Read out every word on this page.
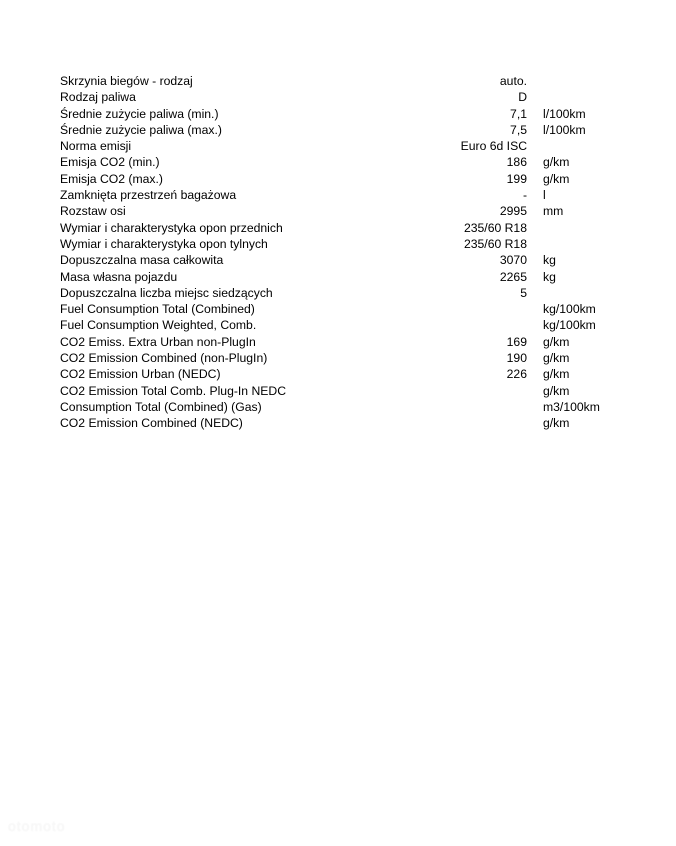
Skrzynia biegów - rodzaj	auto.
Rodzaj paliwa	D
Średnie zużycie paliwa (min.)	7,1 l/100km
Średnie zużycie paliwa (max.)	7,5 l/100km
Norma emisji	Euro 6d ISC
Emisja CO2 (min.)	186 g/km
Emisja CO2 (max.)	199 g/km
Zamknięta przestrzeń bagażowa	- l
Rozstaw osi	2995 mm
Wymiar i charakterystyka opon przednich	235/60 R18
Wymiar i charakterystyka opon tylnych	235/60 R18
Dopuszczalna masa całkowita	3070 kg
Masa własna pojazdu	2265 kg
Dopuszczalna liczba miejsc siedzących	5
Fuel Consumption Total (Combined)	kg/100km
Fuel Consumption Weighted, Comb.	kg/100km
CO2 Emiss. Extra Urban non-PlugIn	169 g/km
CO2 Emission Combined (non-PlugIn)	190 g/km
CO2 Emission Urban (NEDC)	226 g/km
CO2 Emission Total Comb. Plug-In NEDC	g/km
Consumption Total (Combined) (Gas)	m3/100km
CO2 Emission Combined (NEDC)	g/km
otomoto
